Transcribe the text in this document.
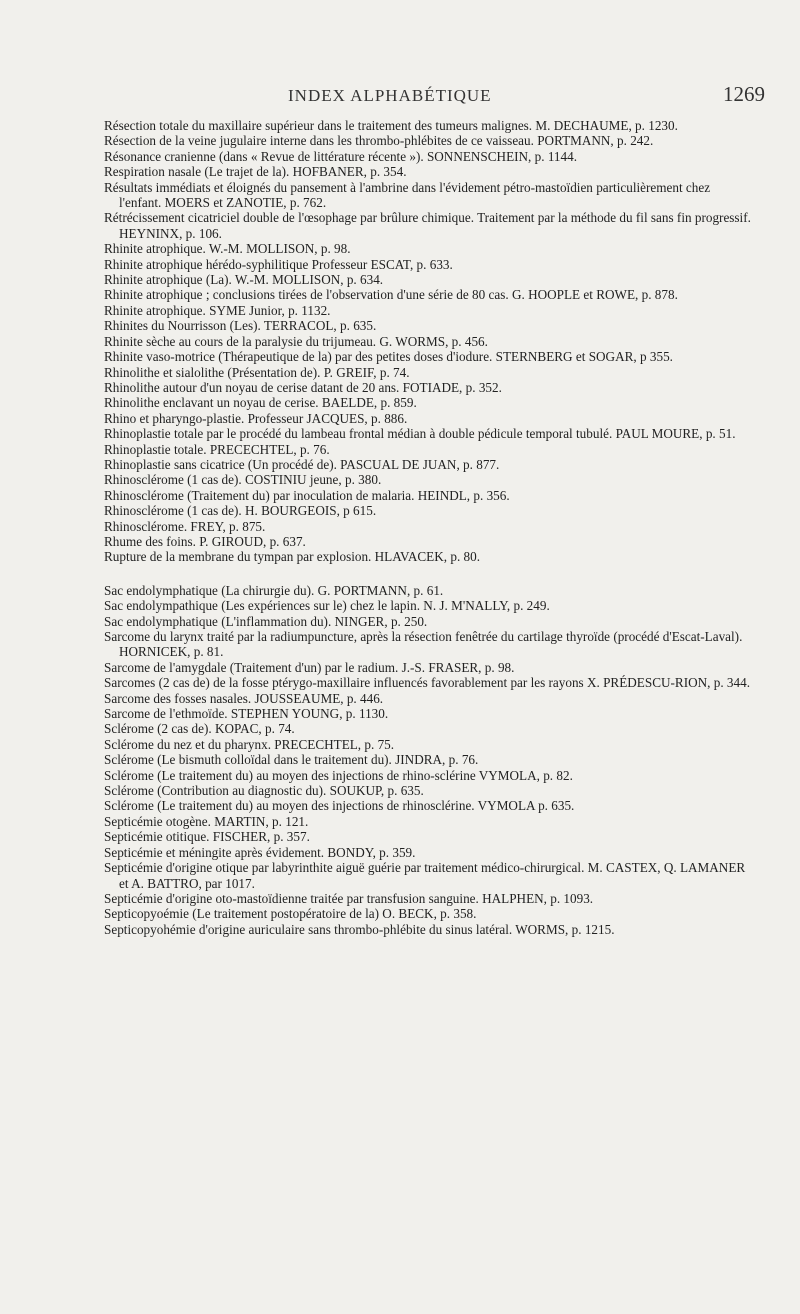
INDEX ALPHABÉTIQUE	1269
Résection totale du maxillaire supérieur dans le traitement des tumeurs malignes. M. DECHAUME, p. 1230.
Résection de la veine jugulaire interne dans les thrombo-phlébites de ce vaisseau. PORTMANN, p. 242.
Résonance cranienne (dans « Revue de littérature récente »). SONNENSCHEIN, p. 1144.
Respiration nasale (Le trajet de la). HOFBANER, p. 354.
Résultats immédiats et éloignés du pansement à l'ambrine dans l'évidement pétro-mastoïdien particulièrement chez l'enfant. MOERS et ZANOTIE, p. 762.
Rétrécissement cicatriciel double de l'œsophage par brûlure chimique. Traitement par la méthode du fil sans fin progressif. HEYNINX, p. 106.
Rhinite atrophique. W.-M. MOLLISON, p. 98.
Rhinite atrophique hérédo-syphilitique Professeur ESCAT, p. 633.
Rhinite atrophique (La). W.-M. MOLLISON, p. 634.
Rhinite atrophique ; conclusions tirées de l'observation d'une série de 80 cas. G. HOOPLE et ROWE, p. 878.
Rhinite atrophique. SYME Junior, p. 1132.
Rhinites du Nourrisson (Les). TERRACOL, p. 635.
Rhinite sèche au cours de la paralysie du trijumeau. G. WORMS, p. 456.
Rhinite vaso-motrice (Thérapeutique de la) par des petites doses d'iodure. STERNBERG et SOGAR, p 355.
Rhinolithe et sialolithe (Présentation de). P. GREIF, p. 74.
Rhinolithe autour d'un noyau de cerise datant de 20 ans. FOTIADE, p. 352.
Rhinolithe enclavant un noyau de cerise. BAELDE, p. 859.
Rhino et pharyngo-plastie. Professeur JACQUES, p. 886.
Rhinoplastie totale par le procédé du lambeau frontal médian à double pédicule temporal tubulé. PAUL MOURE, p. 51.
Rhinoplastie totale. PRECECHTEL, p. 76.
Rhinoplastie sans cicatrice (Un procédé de). PASCUAL DE JUAN, p. 877.
Rhinosclérome (1 cas de). COSTINIU jeune, p. 380.
Rhinosclérome (Traitement du) par inoculation de malaria. HEINDL, p. 356.
Rhinosclérome (1 cas de). H. BOURGEOIS, p 615.
Rhinosclérome. FREY, p. 875.
Rhume des foins. P. GIROUD, p. 637.
Rupture de la membrane du tympan par explosion. HLAVACEK, p. 80.
Sac endolymphatique (La chirurgie du). G. PORTMANN, p. 61.
Sac endolympathique (Les expériences sur le) chez le lapin. N. J. M'NALLY, p. 249.
Sac endolymphatique (L'inflammation du). NINGER, p. 250.
Sarcome du larynx traité par la radiumpuncture, après la résection fenêtrée du cartilage thyroïde (procédé d'Escat-Laval). HORNICEK, p. 81.
Sarcome de l'amygdale (Traitement d'un) par le radium. J.-S. FRASER, p. 98.
Sarcomes (2 cas de) de la fosse ptérygo-maxillaire influencés favorablement par les rayons X. PRÉDESCU-RION, p. 344.
Sarcome des fosses nasales. JOUSSEAUME, p. 446.
Sarcome de l'ethmoïde. STEPHEN YOUNG, p. 1130.
Sclérome (2 cas de). KOPAC, p. 74.
Sclérome du nez et du pharynx. PRECECHTEL, p. 75.
Sclérome (Le bismuth colloïdal dans le traitement du). JINDRA, p. 76.
Sclérome (Le traitement du) au moyen des injections de rhino-sclérine VYMOLA, p. 82.
Sclérome (Contribution au diagnostic du). SOUKUP, p. 635.
Sclérome (Le traitement du) au moyen des injections de rhinosclérine. VYMOLA p. 635.
Septicémie otogène. MARTIN, p. 121.
Septicémie otitique. FISCHER, p. 357.
Septicémie et méningite après évidement. BONDY, p. 359.
Septicémie d'origine otique par labyrinthite aiguë guérie par traitement médico-chirurgical. M. CASTEX, Q. LAMANER et A. BATTRO, par 1017.
Septicémie d'origine oto-mastoïdienne traitée par transfusion sanguine. HALPHEN, p. 1093.
Septicopyoémie (Le traitement postopératoire de la) O. BECK, p. 358.
Septicopyohémie d'origine auriculaire sans thrombo-phlébite du sinus latéral. WORMS, p. 1215.
